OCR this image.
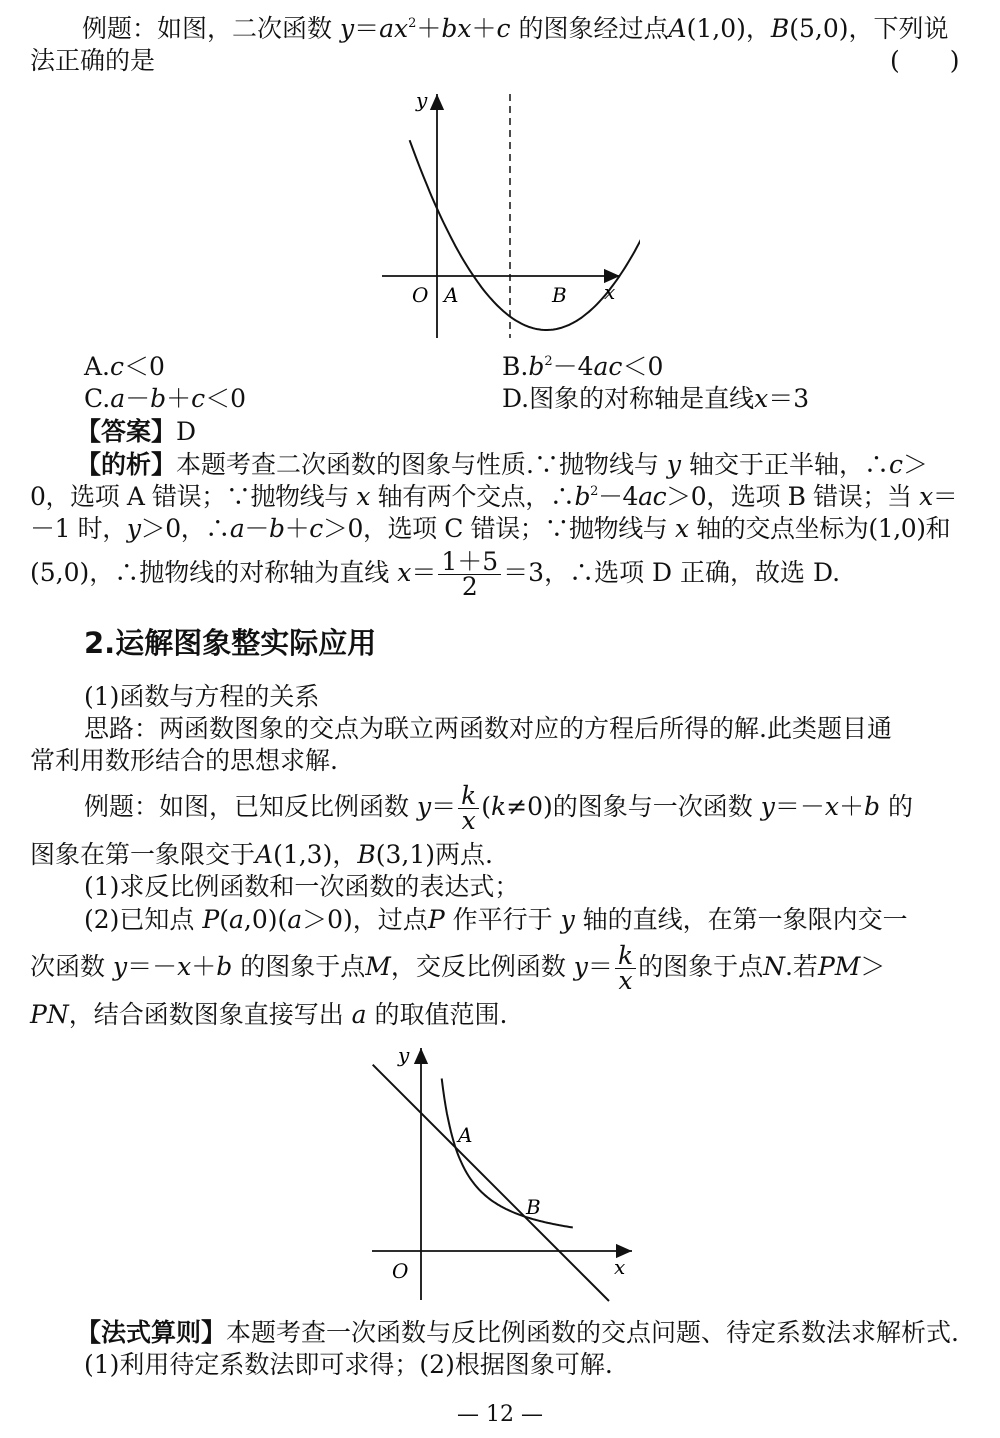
例题：如图，二次函数 $y=ax^2+bx+c$ 的图象经过点A(1,0)，B(5,0)，下列说
法正确的是	(　　)
y
x
O A	B
A.c＜0	$B.b^2-4ac<0$
C.a－b＋c＜0	D.图象的对称轴是直线x＝3
【答案】D
【的析】本题考查二次函数的图象与性质.∵抛物线与 y 轴交于正半轴，∴c＞
0，选项 A 错误；∵抛物线与 x 轴有两个交点，$\therefore b^2-4ac>0$，选项 B 错误；当 x＝
－1 时，y＞0，∴a－b＋c＞0，选项 C 错误；∵抛物线与 x 轴的交点坐标为(1,0)和
(5,0)，∴抛物线的对称轴为直线 $x= \frac{1+5}{2} =3$，∴选项 D 正确，故选 D.
2.运解图象整实际应用
(1)函数与方程的关系
思路：两函数图象的交点为联立两函数对应的方程后所得的解.此类题目通
常利用数形结合的思想求解.
例题：如图，已知反比例函数 $y= \frac{k}{x} (k\ne 0)$的图象与一次函数 y＝－x＋b 的
图象在第一象限交于A(1,3)，B(3,1)两点.
(1)求反比例函数和一次函数的表达式；
(2)已知点 P(a,0)(a＞0)，过点P 作平行于 y 轴的直线，在第一象限内交一
次函数 y＝－x＋b 的图象于点M，交反比例函数 $y= \frac{k}{x}$ 的图象于点N.若PM＞
PN，结合函数图象直接写出 a 的取值范围.
y
x
O
A
B
【法式算则】本题考查一次函数与反比例函数的交点问题、待定系数法求解析式.
(1)利用待定系数法即可求得；(2)根据图象可解.
— 12 —
